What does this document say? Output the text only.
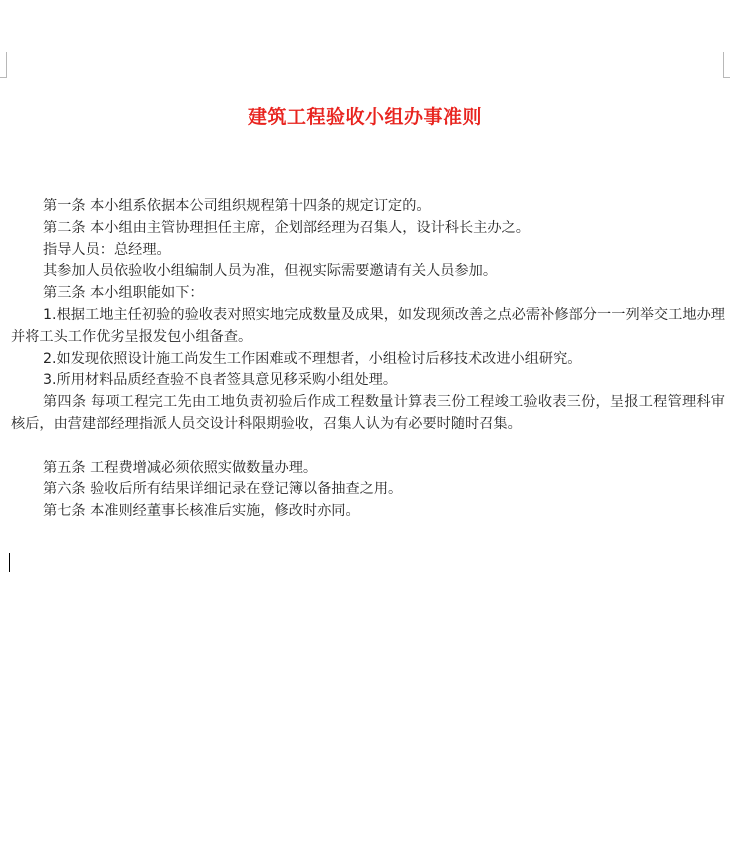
建筑工程验收小组办事准则

第一条 本小组系依据本公司组织规程第十四条的规定订定的。

第二条 本小组由主管协理担任主席，企划部经理为召集人，设计科长主办之。

指导人员：总经理。

其参加人员依验收小组编制人员为准，但视实际需要邀请有关人员参加。

第三条 本小组职能如下：

1.根据工地主任初验的验收表对照实地完成数量及成果，如发现须改善之点必需补修部分一一列举交工地办理并将工头工作优劣呈报发包小组备查。

2.如发现依照设计施工尚发生工作困难或不理想者，小组检讨后移技术改进小组研究。

3.所用材料品质经查验不良者签具意见移采购小组处理。

第四条 每项工程完工先由工地负责初验后作成工程数量计算表三份工程竣工验收表三份，呈报工程管理科审核后，由营建部经理指派人员交设计科限期验收，召集人认为有必要时随时召集。

第五条 工程费增减必须依照实做数量办理。

第六条 验收后所有结果详细记录在登记簿以备抽查之用。

第七条 本准则经董事长核准后实施，修改时亦同。
